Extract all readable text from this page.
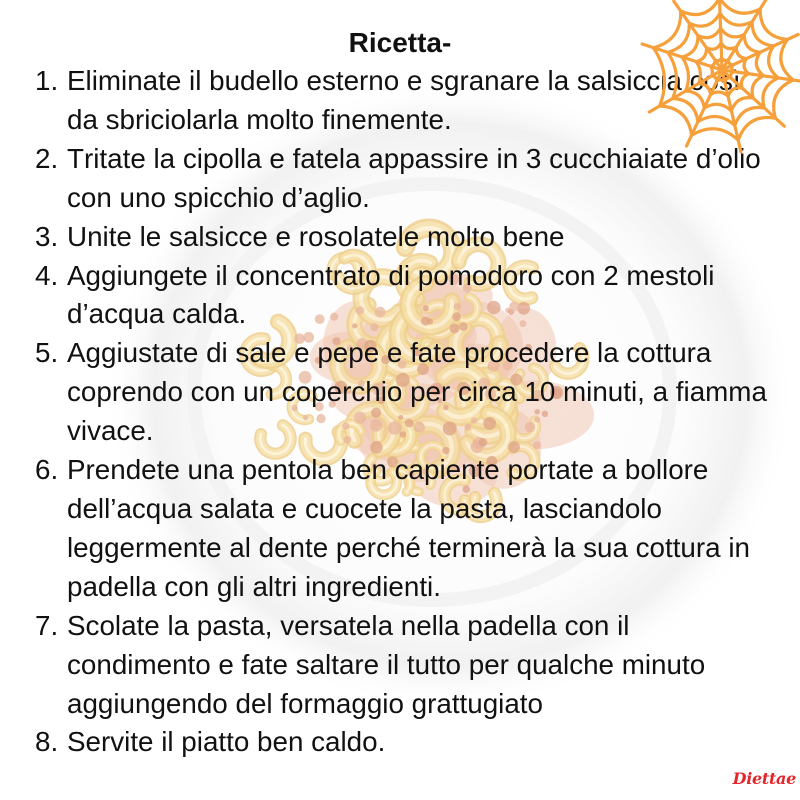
Ricetta-
1. Eliminate il budello esterno e sgranare la salsiccia così da sbriciolarla molto finemente.
2. Tritate la cipolla e fatela appassire in 3 cucchiaiate d’olio con uno spicchio d’aglio.
3. Unite le salsicce e rosolatele molto bene
4. Aggiungete il concentrato di pomodoro con 2 mestoli d’acqua calda.
5. Aggiustate di sale e pepe e fate procedere la cottura coprendo con un coperchio per circa 10 minuti, a fiamma vivace.
6. Prendete una pentola ben capiente portate a bollore dell’acqua salata e cuocete la pasta, lasciandolo leggermente al dente perché terminerà la sua cottura in padella con gli altri ingredienti.
7. Scolate la pasta, versatela nella padella con il condimento e fate saltare il tutto per qualche minuto aggiungendo del formaggio grattugiato
8. Servite il piatto ben caldo.
Diettae
